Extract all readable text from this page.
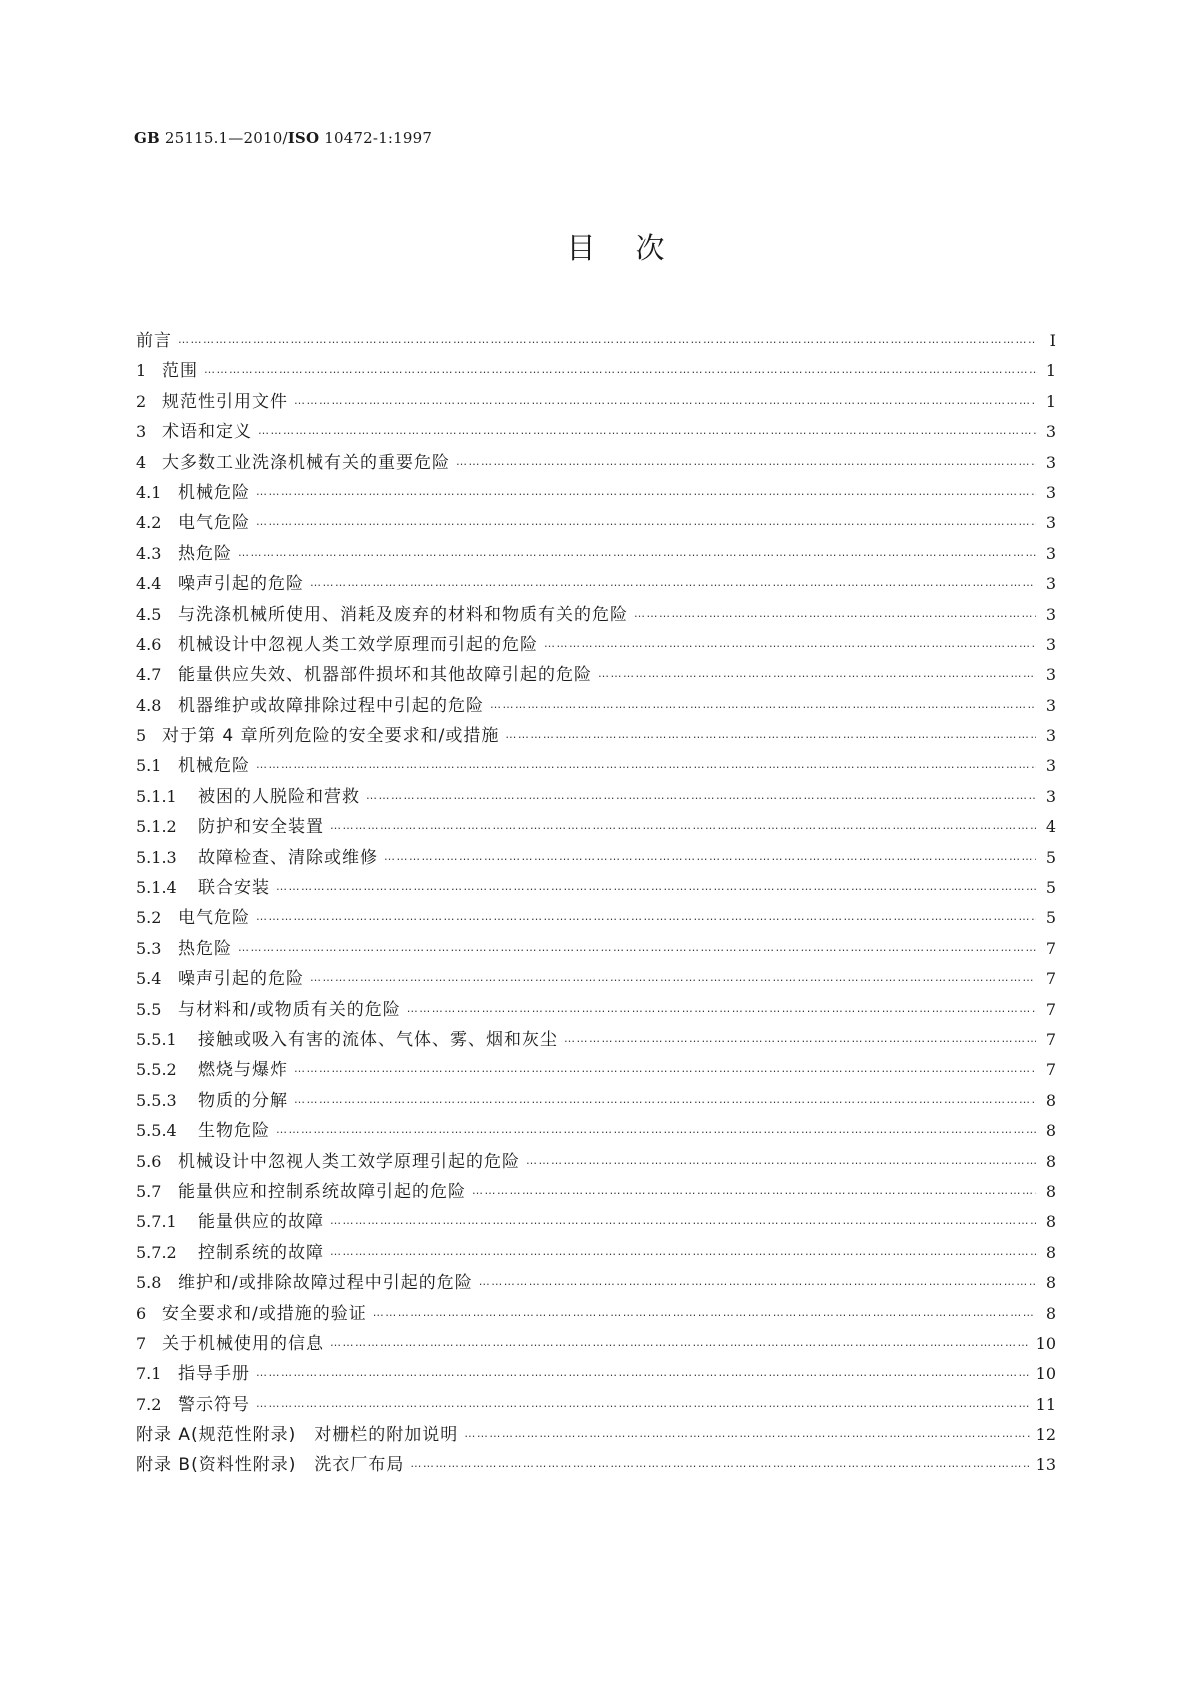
GB 25115.1—2010/ISO 10472-1:1997
目次
前言 …………………………………………………………………………………………………………………………………………………………………………………………………………………………………………………………	Ⅰ
1 范围 …………………………………………………………………………………………………………………………………………………………………………………………………………………………………………………………	1
2 规范性引用文件 …………………………………………………………………………………………………………………………………………………………………………………………………………………………………………………………	1
3 术语和定义 …………………………………………………………………………………………………………………………………………………………………………………………………………………………………………………………	3
4 大多数工业洗涤机械有关的重要危险 …………………………………………………………………………………………………………………………………………………………………………………………………………………………………………………………	3
4.1 机械危险 …………………………………………………………………………………………………………………………………………………………………………………………………………………………………………………………	3
4.2 电气危险 …………………………………………………………………………………………………………………………………………………………………………………………………………………………………………………………	3
4.3 热危险 …………………………………………………………………………………………………………………………………………………………………………………………………………………………………………………………	3
4.4 噪声引起的危险 …………………………………………………………………………………………………………………………………………………………………………………………………………………………………………………………	3
4.5 与洗涤机械所使用、消耗及废弃的材料和物质有关的危险 …………………………………………………………………………………………………………………………………………………………………………………………………………………………………………………………	3
4.6 机械设计中忽视人类工效学原理而引起的危险 …………………………………………………………………………………………………………………………………………………………………………………………………………………………………………………………	3
4.7 能量供应失效、机器部件损坏和其他故障引起的危险 …………………………………………………………………………………………………………………………………………………………………………………………………………………………………………………………	3
4.8 机器维护或故障排除过程中引起的危险 …………………………………………………………………………………………………………………………………………………………………………………………………………………………………………………………	3
5 对于第 4 章所列危险的安全要求和/或措施 …………………………………………………………………………………………………………………………………………………………………………………………………………………………………………………………	3
5.1 机械危险 …………………………………………………………………………………………………………………………………………………………………………………………………………………………………………………………	3
5.1.1	被困的人脱险和营救 …………………………………………………………………………………………………………………………………………………………………………………………………………………………………………………………	3
5.1.2	防护和安全装置 …………………………………………………………………………………………………………………………………………………………………………………………………………………………………………………………	4
5.1.3	故障检查、清除或维修 …………………………………………………………………………………………………………………………………………………………………………………………………………………………………………………………	5
5.1.4	联合安装 …………………………………………………………………………………………………………………………………………………………………………………………………………………………………………………………	5
5.2 电气危险 …………………………………………………………………………………………………………………………………………………………………………………………………………………………………………………………	5
5.3 热危险 …………………………………………………………………………………………………………………………………………………………………………………………………………………………………………………………	7
5.4 噪声引起的危险 …………………………………………………………………………………………………………………………………………………………………………………………………………………………………………………………	7
5.5 与材料和/或物质有关的危险 …………………………………………………………………………………………………………………………………………………………………………………………………………………………………………………………	7
5.5.1	接触或吸入有害的流体、气体、雾、烟和灰尘 …………………………………………………………………………………………………………………………………………………………………………………………………………………………………………………………	7
5.5.2	燃烧与爆炸 …………………………………………………………………………………………………………………………………………………………………………………………………………………………………………………………	7
5.5.3	物质的分解 …………………………………………………………………………………………………………………………………………………………………………………………………………………………………………………………	8
5.5.4	生物危险 …………………………………………………………………………………………………………………………………………………………………………………………………………………………………………………………	8
5.6 机械设计中忽视人类工效学原理引起的危险 …………………………………………………………………………………………………………………………………………………………………………………………………………………………………………………………	8
5.7 能量供应和控制系统故障引起的危险 …………………………………………………………………………………………………………………………………………………………………………………………………………………………………………………………	8
5.7.1	能量供应的故障 …………………………………………………………………………………………………………………………………………………………………………………………………………………………………………………………	8
5.7.2	控制系统的故障 …………………………………………………………………………………………………………………………………………………………………………………………………………………………………………………………	8
5.8 维护和/或排除故障过程中引起的危险 …………………………………………………………………………………………………………………………………………………………………………………………………………………………………………………………	8
6 安全要求和/或措施的验证 …………………………………………………………………………………………………………………………………………………………………………………………………………………………………………………………	8
7 关于机械使用的信息 …………………………………………………………………………………………………………………………………………………………………………………………………………………………………………………………	10
7.1 指导手册 …………………………………………………………………………………………………………………………………………………………………………………………………………………………………………………………	10
7.2 警示符号 …………………………………………………………………………………………………………………………………………………………………………………………………………………………………………………………	11
附录 A(规范性附录)　对栅栏的附加说明 …………………………………………………………………………………………………………………………………………………………………………………………………………………………………………………………	12
附录 B(资料性附录)　洗衣厂布局 …………………………………………………………………………………………………………………………………………………………………………………………………………………………………………………………	13
